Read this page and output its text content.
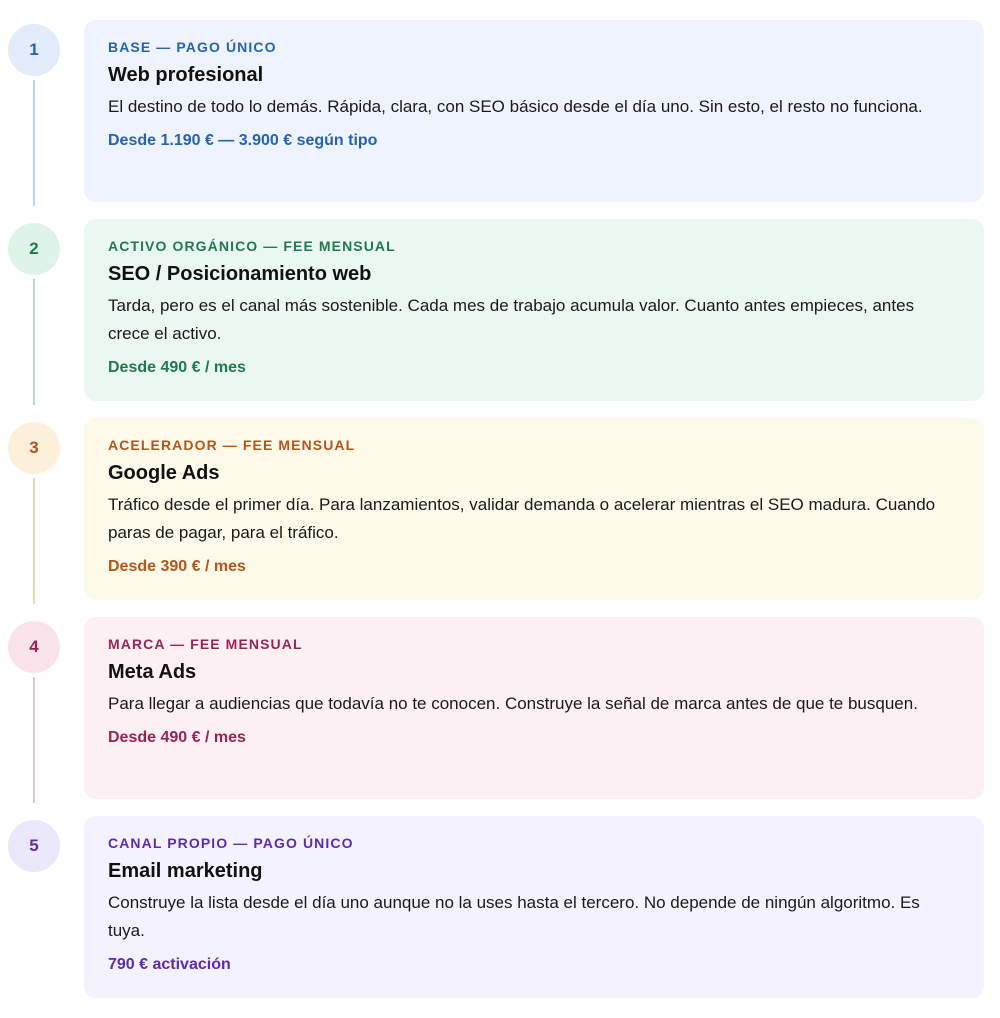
1	BASE — PAGO ÚNICO
Web profesional
El destino de todo lo demás. Rápida, clara, con SEO básico desde el día uno. Sin esto, el resto no funciona.
Desde 1.190 € — 3.900 € según tipo
2	ACTIVO ORGÁNICO — FEE MENSUAL
SEO / Posicionamiento web
Tarda, pero es el canal más sostenible. Cada mes de trabajo acumula valor. Cuanto antes empieces, antes crece el activo.
Desde 490 € / mes
3	ACELERADOR — FEE MENSUAL
Google Ads
Tráfico desde el primer día. Para lanzamientos, validar demanda o acelerar mientras el SEO madura. Cuando paras de pagar, para el tráfico.
Desde 390 € / mes
4	MARCA — FEE MENSUAL
Meta Ads
Para llegar a audiencias que todavía no te conocen. Construye la señal de marca antes de que te busquen.
Desde 490 € / mes
5	CANAL PROPIO — PAGO ÚNICO
Email marketing
Construye la lista desde el día uno aunque no la uses hasta el tercero. No depende de ningún algoritmo. Es tuya.
790 € activación
